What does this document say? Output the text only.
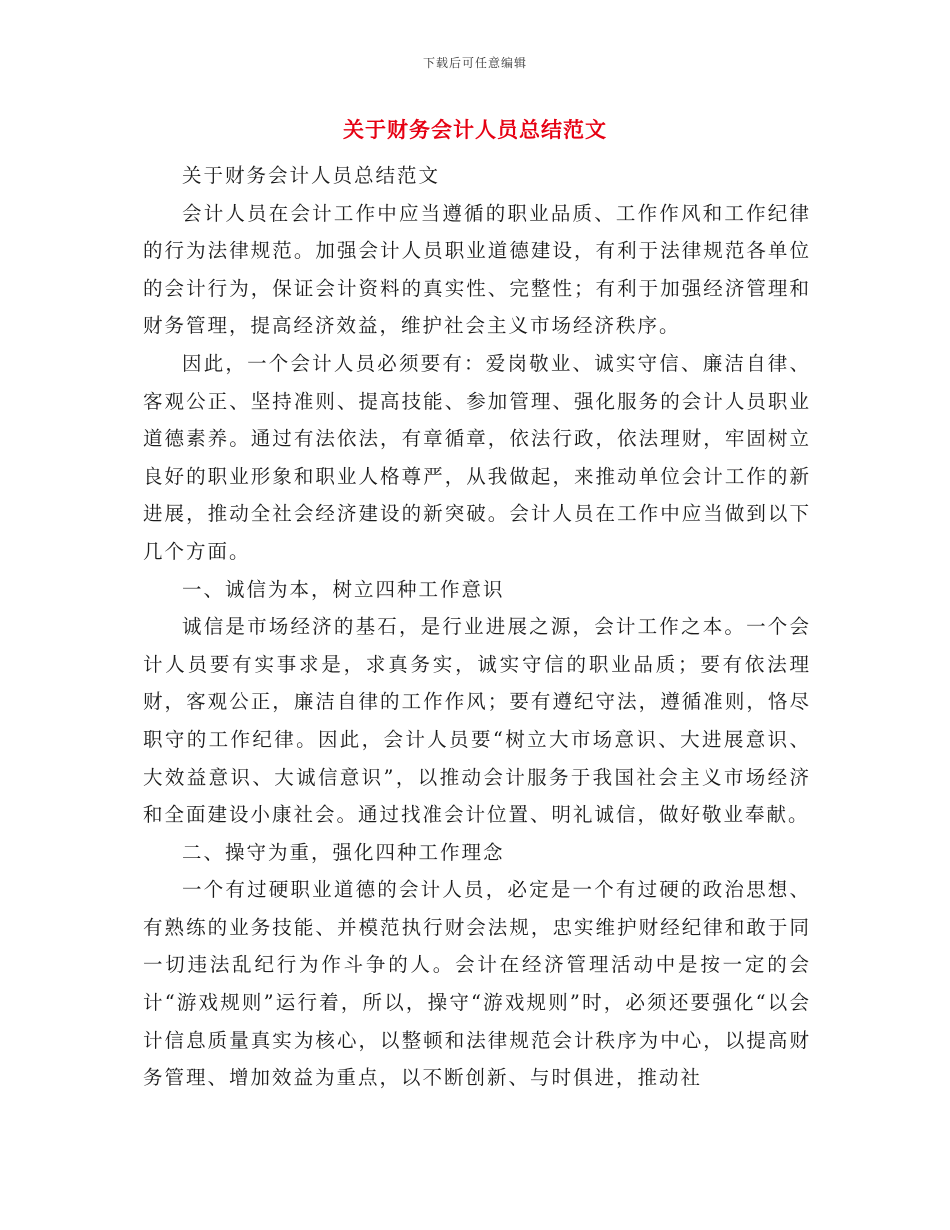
下载后可任意编辑
关于财务会计人员总结范文

关于财务会计人员总结范文

会计人员在会计工作中应当遵循的职业品质、工作作风和工作纪律的行为法律规范。加强会计人员职业道德建设，有利于法律规范各单位的会计行为，保证会计资料的真实性、完整性；有利于加强经济管理和财务管理，提高经济效益，维护社会主义市场经济秩序。

因此，一个会计人员必须要有：爱岗敬业、诚实守信、廉洁自律、客观公正、坚持准则、提高技能、参加管理、强化服务的会计人员职业道德素养。通过有法依法，有章循章，依法行政，依法理财，牢固树立良好的职业形象和职业人格尊严，从我做起，来推动单位会计工作的新进展，推动全社会经济建设的新突破。会计人员在工作中应当做到以下几个方面。

一、诚信为本，树立四种工作意识

诚信是市场经济的基石，是行业进展之源，会计工作之本。一个会计人员要有实事求是，求真务实，诚实守信的职业品质；要有依法理财，客观公正，廉洁自律的工作作风；要有遵纪守法，遵循准则，恪尽职守的工作纪律。因此，会计人员要“树立大市场意识、大进展意识、大效益意识、大诚信意识”，以推动会计服务于我国社会主义市场经济和全面建设小康社会。通过找准会计位置、明礼诚信，做好敬业奉献。

二、操守为重，强化四种工作理念

一个有过硬职业道德的会计人员，必定是一个有过硬的政治思想、有熟练的业务技能、并模范执行财会法规，忠实维护财经纪律和敢于同一切违法乱纪行为作斗争的人。会计在经济管理活动中是按一定的会计“游戏规则”运行着，所以，操守“游戏规则”时，必须还要强化“以会计信息质量真实为核心，以整顿和法律规范会计秩序为中心，以提高财务管理、增加效益为重点，以不断创新、与时俱进，推动社
